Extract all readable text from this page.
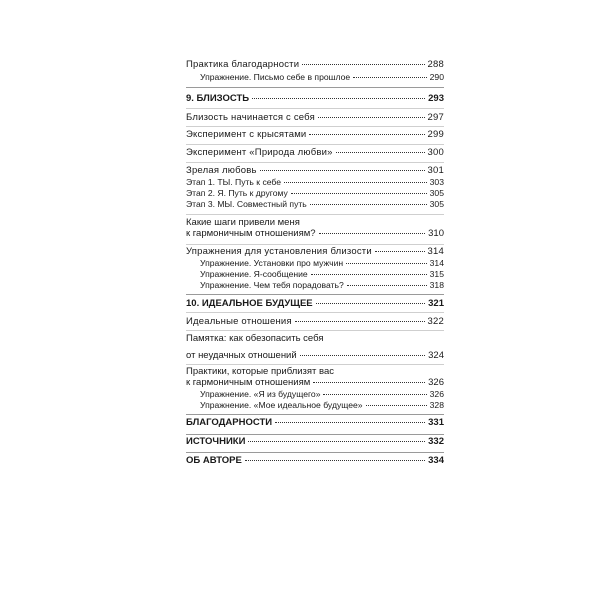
Практика благодарности	288
Упражнение. Письмо себе в прошлое	290
9. БЛИЗОСТЬ	293
Близость начинается с себя	297
Эксперимент с крысятами	299
Эксперимент «Природа любви»	300
Зрелая любовь	301
Этап 1. ТЫ. Путь к себе	303
Этап 2. Я. Путь к другому	305
Этап 3. МЫ. Совместный путь	305
Какие шаги привели меня
к гармоничным отношениям?	310
Упражнения для установления близости	314
Упражнение. Установки про мужчин	314
Упражнение. Я-сообщение	315
Упражнение. Чем тебя порадовать?	318
10. ИДЕАЛЬНОЕ БУДУЩЕЕ	321
Идеальные отношения	322
Памятка: как обезопасить себя
от неудачных отношений	324
Практики, которые приблизят вас
к гармоничным отношениям	326
Упражнение. «Я из будущего»	326
Упражнение. «Мое идеальное будущее»	328
БЛАГОДАРНОСТИ	331
ИСТОЧНИКИ	332
ОБ АВТОРЕ	334
